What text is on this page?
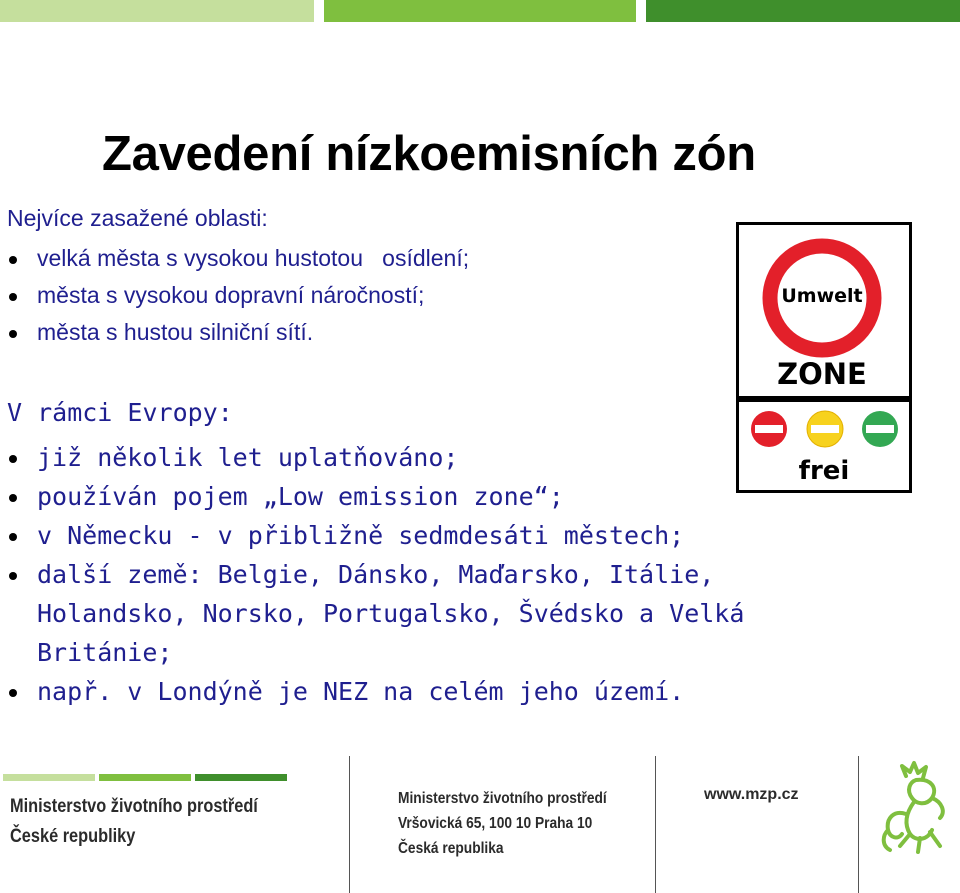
Zavedení nízkoemisních zón
Nejvíce zasažené oblasti:
velká města s vysokou hustotou   osídlení;
města s vysokou dopravní náročností;
města s hustou silniční sítí.
V rámci Evropy:
již několik let uplatňováno;
používán pojem „Low emission zone“;
v Německu - v přibližně sedmdesáti městech;
další země: Belgie, Dánsko, Maďarsko, Itálie, Holandsko, Norsko, Portugalsko, Švédsko a Velká Británie;
např. v Londýně je NEZ na celém jeho území.
Umwelt
ZONE
frei
Ministerstvo životního prostředí
České republiky
Ministerstvo životního prostředí
Vršovická 65, 100 10 Praha 10
Česká republika
www.mzp.cz
